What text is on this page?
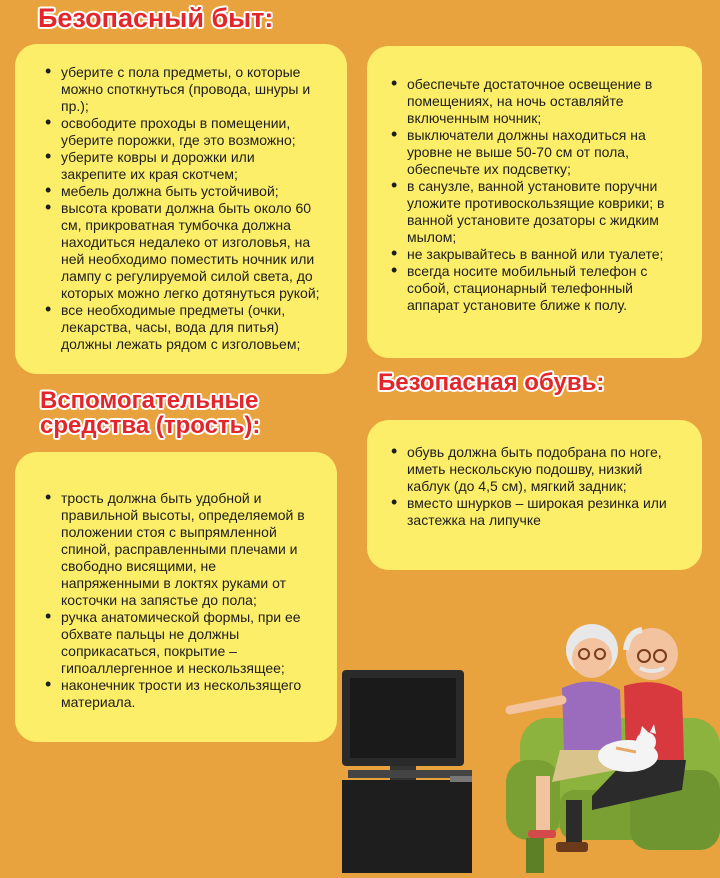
Безопасный быт:
• уберите с пола предметы, о которые
можно споткнуться (провода, шнуры и
пр.);
• освободите проходы в помещении,
уберите порожки, где это возможно;
• уберите ковры и дорожки или
закрепите их края скотчем;
• мебель должна быть устойчивой;
• высота кровати должна быть около 60
см, прикроватная тумбочка должна
находиться недалеко от изголовья, на
ней необходимо поместить ночник или
лампу с регулируемой силой света, до
которых можно легко дотянуться рукой;
• все необходимые предметы (очки,
лекарства, часы, вода для питья)
должны лежать рядом с изголовьем;
• обеспечьте достаточное освещение в
помещениях, на ночь оставляйте
включенным ночник;
• выключатели должны находиться на
уровне не выше 50-70 см от пола,
обеспечьте их подсветку;
• в санузле, ванной установите поручни
уложите противоскользящие коврики; в
ванной установите дозаторы с жидким
мылом;
• не закрывайтесь в ванной или туалете;
• всегда носите мобильный телефон с
собой, стационарный телефонный
аппарат установите ближе к полу.
Безопасная обувь:
Вспомогательные
средства (трость):
• обувь должна быть подобрана по ноге,
иметь нескольскую подошву, низкий
каблук (до 4,5 см), мягкий задник;
• вместо шнурков – широкая резинка или
застежка на липучке
• трость должна быть удобной и
правильной высоты, определяемой в
положении стоя с выпрямленной
спиной, расправленными плечами и
свободно висящими, не
напряженными в локтях руками от
косточки на запястье до пола;
• ручка анатомической формы, при ее
обхвате пальцы не должны
соприкасаться, покрытие –
гипоаллергенное и нескользящее;
• наконечник трости из нескользящего
материала.
